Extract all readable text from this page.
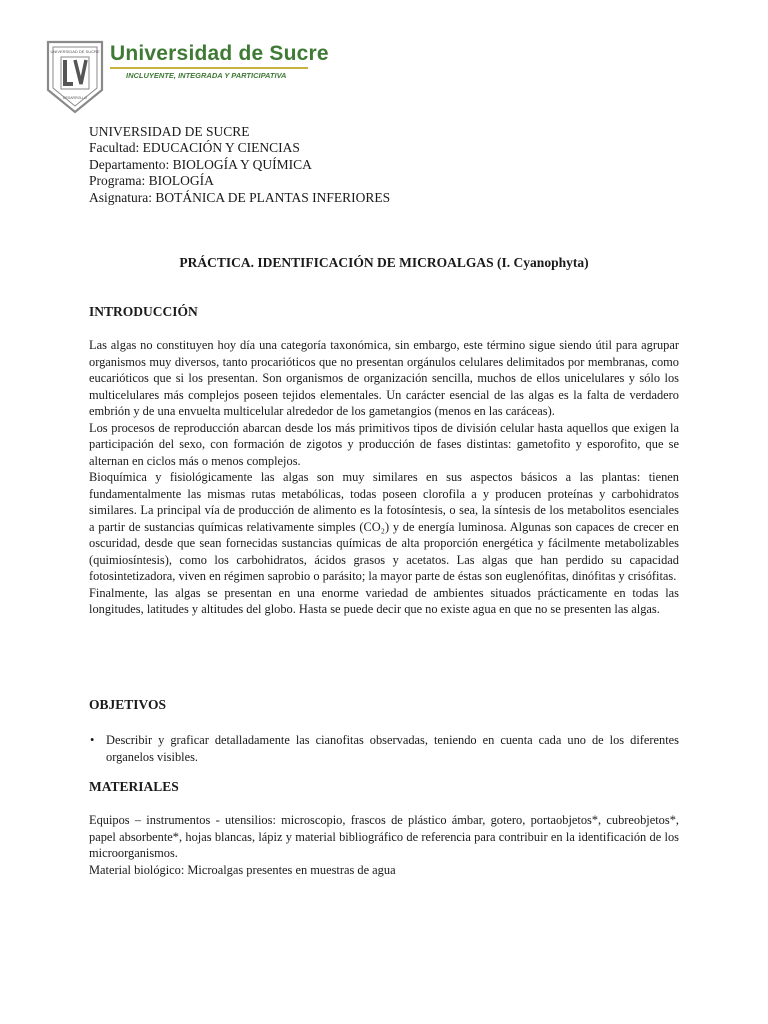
UNIVERSIDAD DE SUCRE
DESARROLLO
Universidad de Sucre
INCLUYENTE, INTEGRADA Y PARTICIPATIVA
UNIVERSIDAD DE SUCRE
Facultad: EDUCACIÓN Y CIENCIAS
Departamento: BIOLOGÍA Y QUÍMICA
Programa: BIOLOGÍA
Asignatura: BOTÁNICA DE PLANTAS INFERIORES
PRÁCTICA. IDENTIFICACIÓN DE MICROALGAS (I. Cyanophyta)
INTRODUCCIÓN

Las algas no constituyen hoy día una categoría taxonómica, sin embargo, este término sigue siendo útil para agrupar organismos muy diversos, tanto procarióticos que no presentan orgánulos celulares delimitados por membranas, como eucarióticos que si los presentan. Son organismos de organización sencilla, muchos de ellos unicelulares y sólo los multicelulares más complejos poseen tejidos elementales. Un carácter esencial de las algas es la falta de verdadero embrión y de una envuelta multicelular alrededor de los gametangios (menos en las caráceas).

Los procesos de reproducción abarcan desde los más primitivos tipos de división celular hasta aquellos que exigen la participación del sexo, con formación de zigotos y producción de fases distintas: gametofito y esporofito, que se alternan en ciclos más o menos complejos.

Bioquímica y fisiológicamente las algas son muy similares en sus aspectos básicos a las plantas: tienen fundamentalmente las mismas rutas metabólicas, todas poseen clorofila a y producen proteínas y carbohidratos similares. La principal vía de producción de alimento es la fotosíntesis, o sea, la síntesis de los metabolitos esenciales a partir de sustancias químicas relativamente simples (CO₂) y de energía luminosa. Algunas son capaces de crecer en oscuridad, desde que sean fornecidas sustancias químicas de alta proporción energética y fácilmente metabolizables (quimiosíntesis), como los carbohidratos, ácidos grasos y acetatos. Las algas que han perdido su capacidad fotosintetizadora, viven en régimen saprobio o parásito; la mayor parte de éstas son euglenófitas, dinófitas y crisófitas.

Finalmente, las algas se presentan en una enorme variedad de ambientes situados prácticamente en todas las longitudes, latitudes y altitudes del globo. Hasta se puede decir que no existe agua en que no se presenten las algas.

OBJETIVOS
• Describir y graficar detalladamente las cianofitas observadas, teniendo en cuenta cada uno de los diferentes organelos visibles.
MATERIALES

Equipos – instrumentos - utensilios: microscopio, frascos de plástico ámbar, gotero, portaobjetos*, cubreobjetos*, papel absorbente*, hojas blancas, lápiz y material bibliográfico de referencia para contribuir en la identificación de los microorganismos.

Material biológico: Microalgas presentes en muestras de agua
